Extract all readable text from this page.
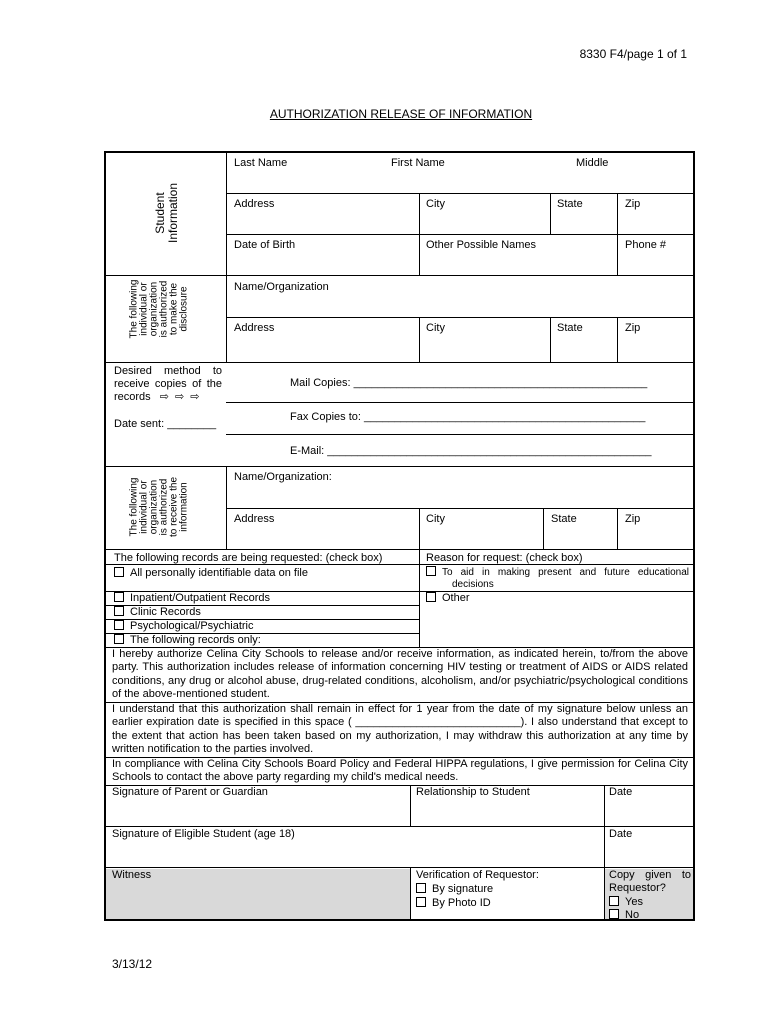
8330 F4/page 1 of 1
AUTHORIZATION RELEASE OF INFORMATION
Student
Information
Last Name	First Name	Middle
Address	City	State	Zip
Date of Birth	Other Possible Names	Phone #
The following
individual or
organization
is authorized
to make the
disclosure	Name/Organization
Address	City	State	Zip
Desired method to receive copies of the records ⇨ ⇨ ⇨
Date sent: ________
Mail Copies: ________________________________________________
Fax Copies to: ______________________________________________
E-Mail: _____________________________________________________
The following
individual or
organization
is authorized
to receive the
information
Name/Organization:
Address	City	State	Zip
The following records are being requested: (check box)
All personally identifiable data on file
Inpatient/Outpatient Records
Clinic Records
Psychological/Psychiatric
The following records only:
Reason for request: (check box)
To aid in making present and future educational
decisions
Other
I hereby authorize Celina City Schools to release and/or receive information, as indicated herein, to/from the above party. This authorization includes release of information concerning HIV testing or treatment of AIDS or AIDS related conditions, any drug or alcohol abuse, drug-related conditions, alcoholism, and/or psychiatric/psychological conditions of the above-mentioned student.
I understand that this authorization shall remain in effect for 1 year from the date of my signature below unless an earlier expiration date is specified in this space ( ___________________________). I also understand that except to the extent that action has been taken based on my authorization, I may withdraw this authorization at any time by written notification to the parties involved.
In compliance with Celina City Schools Board Policy and Federal HIPPA regulations, I give permission for Celina City Schools to contact the above party regarding my child's medical needs.
Signature of Parent or Guardian	Relationship to Student	Date
Signature of Eligible Student (age 18)	Date
Witness	Verification of Requestor:
By signature
By Photo ID
Copy given to Requestor?
Yes
No
3/13/12
